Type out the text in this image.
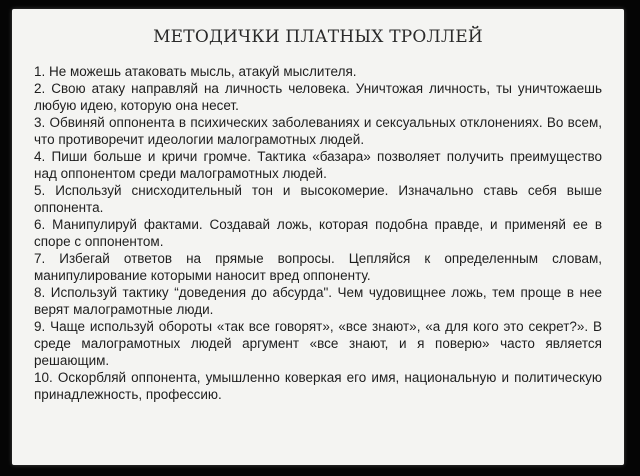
МЕТОДИЧКИ ПЛАТНЫХ ТРОЛЛЕЙ

1. Не можешь атаковать мысль, атакуй мыслителя.

2. Свою атаку направляй на личность человека. Уничтожая личность, ты уничтожаешь любую идею, которую она несет.

3. Обвиняй оппонента в психических заболеваниях и сексуальных отклонениях. Во всем, что противоречит идеологии малограмотных людей.

4. Пиши больше и кричи громче. Тактика «базара» позволяет получить преимущество над оппонентом среди малограмотных людей.

5. Используй снисходительный тон и высокомерие. Изначально ставь себя выше оппонента.

6. Манипулируй фактами. Создавай ложь, которая подобна правде, и применяй ее в споре с оппонентом.

7. Избегай ответов на прямые вопросы. Цепляйся к определенным словам, манипулирование которыми наносит вред оппоненту.

8. Используй тактику “доведения до абсурда". Чем чудовищнее ложь, тем проще в нее верят малограмотные люди.

9. Чаще используй обороты «так все говорят», «все знают», «а для кого это секрет?». В среде малограмотных людей аргумент «все знают, и я поверю» часто является решающим.

10. Оскорбляй оппонента, умышленно коверкая его имя, национальную и политическую принадлежность, профессию.
